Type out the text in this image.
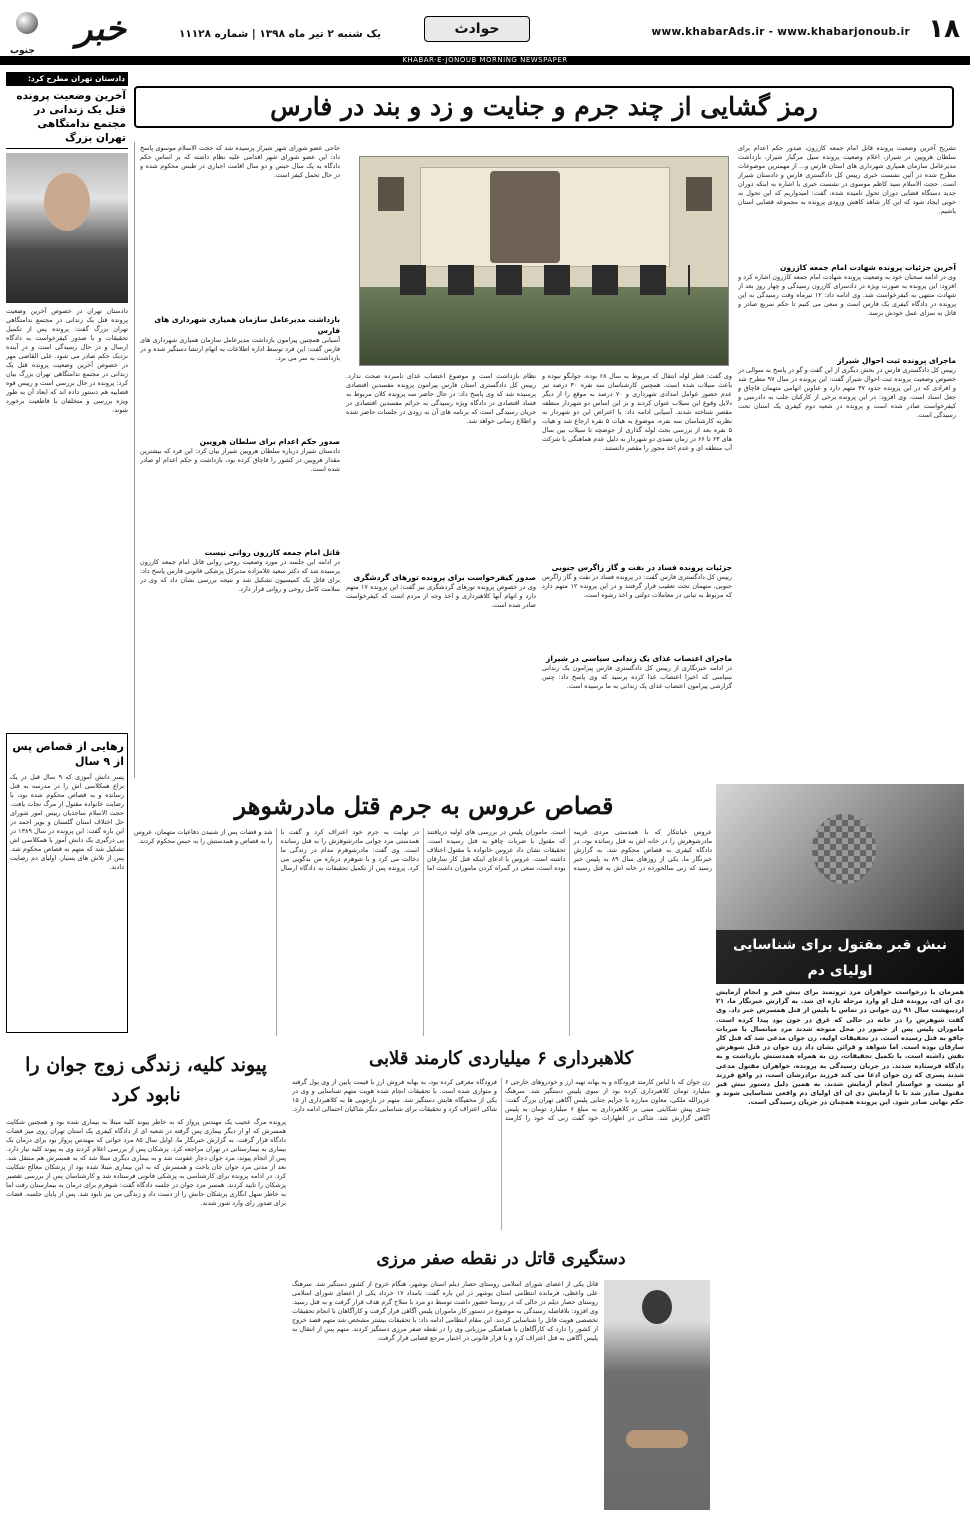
۱۸
www.khabarAds.ir - www.khabarjonoub.ir
حوادث
یک شنبه ۲ تیر ماه ۱۳۹۸ | شماره ۱۱۱۲۸
خبر
جنوب
KHABAR-E-JONOUB MORNING NEWSPAPER
دادستان تهران مطرح کرد:
آخرین وضعیت پرونده قتل یک زندانی در مجتمع ندامتگاهی تهران بزرگ
دادستان تهران در خصوص آخرین وضعیت پرونده قتل یک زندانی در مجتمع ندامتگاهی تهران بزرگ گفت: پرونده پس از تکمیل تحقیقات و با صدور کیفرخواست به دادگاه ارسال و در حال رسیدگی است و در آینده نزدیک حکم صادر می شود. علی القاصی مهر در خصوص آخرین وضعیت پرونده قتل یک زندانی در مجتمع ندامتگاهی تهران بزرگ بیان کرد: پرونده در حال بررسی است و رییس قوه قضاییه هم دستور داده اند که ابعاد آن به طور ویژه بررسی و متخلفان با قاطعیت برخورد شوند.
رهایی از قصاص پس از ۹ سال
پسر دانش آموزی که ۹ سال قبل در یک نزاع همکلاسی اش را در مدرسه به قتل رسانده و به قصاص محکوم شده بود، با رضایت خانواده مقتول از مرگ نجات یافت. حجت الاسلام ساجدیان رییس امور شورای حل اختلاف استان گلستان و بویر احمد در این باره گفت: این پرونده در سال ۱۳۸۹ در پی درگیری یک دانش آموز با همکلاسی اش تشکیل شد که متهم به قصاص محکوم شد. پس از تلاش های بسیار، اولیای دم رضایت دادند.
رمز گشایی از چند جرم و جنایت و زد و بند در فارس
تشریح آخرین وضعیت پرونده قاتل امام جمعه کازرون، صدور حکم اعدام برای سلطان هرویین در شیراز، اعلام وضعیت پرونده سیل مرگبار شیراز، بازداشت مدیرعامل سازمان همیاری شهرداری های استان فارس و... از مهمترین موضوعات مطرح شده در آئین نشست خبری رییس کل دادگستری فارس و دادستان شیراز است. حجت الاسلام سید کاظم موسوی در نشست خبری با اشاره به اینکه دوران جدید دستگاه قضایی دوران تحول نامیده شده، گفت: امیدواریم که این تحول به خوبی ایجاد شود که این کار شاهد کاهش ورودی پرونده به مجموعه قضایی استان باشیم.
آخرین جزئیات پرونده شهادت امام جمعه کازرون
وی در ادامه سخنان خود به وضعیت پرونده شهادت امام جمعه کازرون اشاره کرد و افزود: این پرونده به صورت ویژه در دادسرای کازرون رسیدگی و چهار روز بعد از شهادت منتهی به کیفرخواست شد. وی ادامه داد: ۱۲ تیرماه وقت رسیدگی به این پرونده در دادگاه کیفری یک فارس است و سعی می کنیم تا حکم سریع صادر و قاتل به سزای عمل خودش برسد.
ماجرای پرونده ثبت احوال شیراز
رییس کل دادگستری فارس در بخش دیگری از این گفت و گو در پاسخ به سوالی در خصوص وضعیت پرونده ثبت احوال شیراز گفت: این پرونده در سال ۹۷ مطرح شد و افرادی که در این پرونده حدود ۳۷ متهم دارد و عناوین اتهامی متهمان قاچاق و جعل اسناد است. وی افزود: در این پرونده برخی از کارکنان جلب به دادرسی و کیفرخواست صادر شده است و پرونده در شعبه دوم کیفری یک استان تحت رسیدگی است.
وی گفت: قطر لوله انتقال که مربوط به سال ۶۸ بوده، جوابگو نبوده و باعث سیلاب شده است. همچنین کارشناسان سه نفره ۳۰ درصد تیر عدم حضور عوامل امدادی شهرداری و ۷۰ درصد به موقع را از دیگر دلایل وقوع این سیلاب عنوان کردند و بر این اساس دو شهردار منطقه مقصر شناخته شدند. آسیابی ادامه داد: با اعتراض این دو شهردار به نظریه کارشناسان سه نفره، موضوع به هیات ۵ نفره ارجاع شد و هیات ۵ نفره بعد از بررسی بحث لوله گذاری از حوضچه تا سیلاب بین سال های ۶۳ تا ۶۶ در زمان تصدی دو شهردار به دلیل عدم هماهنگی با شرکت آب منطقه ای و عدم اخذ مجوز را مقصر دانستند.
جزئیات پرونده فساد در نفت و گاز زاگرس جنوبی
رییس کل دادگستری فارس گفت: در پرونده فساد در نفت و گاز زاگرس جنوبی، متهمان تحت تعقیب قرار گرفتند و در این پرونده ۱۲ متهم دارد که مربوط به تبانی در معاملات دولتی و اخذ رشوه است.
ماجرای اعتصاب غذای یک زندانی سیاسی در شیراز
در ادامه خبرنگاری از رییس کل دادگستری فارس پیرامون یک زندانی سیاسی که اخیرا اعتصاب غذا کرده پرسید که وی پاسخ داد: چنین گزارشی پیرامون اعتصاب غذای یک زندانی به ما نرسیده است.
نظام بازداشت است و موضوع اعتصاب غذای نامبرده صحت ندارد. رییس کل دادگستری استان فارس پیرامون پرونده مفسدین اقتصادی پرسیده شد که وی پاسخ داد: در حال حاضر سه پرونده کلان مربوط به فساد اقتصادی در دادگاه ویژه رسیدگی به جرائم مفسدین اقتصادی در جریان رسیدگی است که برنامه های آن به زودی در جلسات حاضر شده و اطلاع رسانی خواهد شد.
صدور کیفرخواست برای پرونده تورهای گردشگری
وی در خصوص پرونده تورهای گردشگری نیز گفت: این پرونده ۱۷ متهم دارد و اتهام آنها کلاهبرداری و اخذ وجه از مردم است که کیفرخواست صادر شده است.
حاجی عضو شورای شهر شیراز پرسیده شد که حجت الاسلام موسوی پاسخ داد: این عضو شورای شهر اقدامی علیه نظام داشته که بر اساس حکم دادگاه به یک سال حبس و دو سال اقامت اجباری در طبس محکوم شده و در حال تحمل کیفر است.
بازداشت مدیرعامل سازمان همیاری شهرداری های فارس
آسیابی همچنین پیرامون بازداشت مدیرعامل سازمان همیاری شهرداری های فارس گفت: این فرد توسط اداره اطلاعات به اتهام ارتشا دستگیر شده و در بازداشت به سر می برد.
صدور حکم اعدام برای سلطان هرویین
دادستان شیراز درباره سلطان هرویین شیراز بیان کرد: این فرد که بیشترین مقدار هرویین در کشور را قاچاق کرده بود، بازداشت و حکم اعدام او صادر شده است.
قاتل امام جمعه کازرون روانی نیست
در ادامه این جلسه در مورد وضعیت روحی روانی قاتل امام جمعه کازرون پرسیده شد که دکتر سعید غلامزاده مدیرکل پزشکی قانونی فارس پاسخ داد: برای قاتل یک کمیسیون تشکیل شد و نتیجه بررسی نشان داد که وی در سلامت کامل روحی و روانی قرار دارد.
قصاص عروس به جرم قتل مادرشوهر
عروس خیانتکار که با همدستی مردی غریبه مادرشوهرش را در خانه اش به قتل رسانده بود، در دادگاه کیفری به قصاص محکوم شد. به گزارش خبرنگار ما، یکی از روزهای سال ۸۹ به پلیس خبر رسید که زنی سالخورده در خانه اش به قتل رسیده است. ماموران پلیس در بررسی های اولیه دریافتند که مقتول با ضربات چاقو به قتل رسیده است. تحقیقات نشان داد عروس خانواده با مقتول اختلاف داشته است. عروس با ادعای اینکه قتل کار سارقان بوده است، سعی در گمراه کردن ماموران داشت اما در نهایت به جرم خود اعتراف کرد و گفت با همدستی مرد جوانی مادرشوهرش را به قتل رسانده است. وی گفت: مادرشوهرم مدام در زندگی ما دخالت می کرد و با شوهرم درباره من بدگویی می کرد. پرونده پس از تکمیل تحقیقات به دادگاه ارسال شد و قضات پس از شنیدن دفاعیات متهمان، عروس را به قصاص و همدستش را به حبس محکوم کردند.
نبش قبر مقتول برای شناسایی اولیای دم
همزمان با درخواست خواهران مرد ثروتمند برای نبش قبر و انجام آزمایش دی ان ای، پرونده قتل او وارد مرحله تازه ای شد. به گزارش خبرنگار ما، ۲۱ اردیبهشت سال ۹۱ زن جوانی در تماس با پلیس از قتل همسرش خبر داد. وی گفت شوهرش را در خانه در حالی که غرق در خون بود پیدا کرده است. ماموران پلیس پس از حضور در محل متوجه شدند مرد میانسال با ضربات چاقو به قتل رسیده است. در تحقیقات اولیه، زن جوان مدعی شد که قتل کار سارقان بوده است. اما شواهد و قرائن نشان داد زن جوان در قتل شوهرش نقش داشته است. با تکمیل تحقیقات، زن به همراه همدستش بازداشت و به دادگاه فرستاده شدند. در جریان رسیدگی به پرونده، خواهران مقتول مدعی شدند پسری که زن جوان ادعا می کند فرزند برادرشان است، در واقع فرزند او نیست و خواستار انجام آزمایش شدند. به همین دلیل دستور نبش قبر مقتول صادر شد تا با آزمایش دی ان ای اولیای دم واقعی شناسایی شوند و حکم نهایی صادر شود. این پرونده همچنان در جریان رسیدگی است.
پیوند کلیه، زندگی زوج جوان را نابود کرد
پرونده مرگ عجیب یک مهندس پرواز که به خاطر پیوند کلیه مبتلا به بیماری شده بود و همچنین شکایت همسرش که او از دیگر بیماری پس گرفته در شعبه ای از دادگاه کیفری یک استان تهران روی میز قضات دادگاه قرار گرفت. به گزارش خبرنگار ما، اوایل سال ۸۵ مرد جوانی که مهندس پرواز بود برای درمان یک بیماری به بیمارستانی در تهران مراجعه کرد. پزشکان پس از بررسی اعلام کردند وی به پیوند کلیه نیاز دارد. پس از انجام پیوند، مرد جوان دچار عفونت شد و به بیماری دیگری مبتلا شد که به همسرش هم منتقل شد. بعد از مدتی مرد جوان جان باخت و همسرش که به این بیماری مبتلا شده بود از پزشکان معالج شکایت کرد. در ادامه پرونده برای کارشناسی به پزشکی قانونی فرستاده شد و کارشناسان پس از بررسی تقصیر پزشکان را تایید کردند. همسر مرد جوان در جلسه دادگاه گفت: شوهرم برای درمان به بیمارستان رفت اما به خاطر سهل انگاری پزشکان جانش را از دست داد و زندگی من نیز نابود شد. پس از پایان جلسه، قضات برای صدور رای وارد شور شدند.
کلاهبرداری ۶ میلیاردی کارمند قلابی
زن جوان که با لباس کارمند فرودگاه و به بهانه تهیه ارز و خودروهای خارجی ۶ میلیارد تومان کلاهبرداری کرده بود از سوی پلیس دستگیر شد. سرهنگ عزیزالله ملکی، معاون مبارزه با جرایم جنایی پلیس آگاهی تهران بزرگ گفت: چندی پیش شکایتی مبنی بر کلاهبرداری به مبلغ ۶ میلیارد تومان به پلیس آگاهی گزارش شد. شاکی در اظهارات خود گفت زنی که خود را کارمند فرودگاه معرفی کرده بود، به بهانه فروش ارز با قیمت پایین از وی پول گرفته و متواری شده است. با تحقیقات انجام شده هویت متهم شناسایی و وی در یکی از مخفیگاه هایش دستگیر شد. متهم در بازجویی ها به کلاهبرداری از ۱۵ شاکی اعتراف کرد و تحقیقات برای شناسایی دیگر شاکیان احتمالی ادامه دارد.
دستگیری قاتل در نقطه صفر مرزی
قاتل یکی از اعضای شورای اسلامی روستای حصار دیلم استان بوشهر، هنگام خروج از کشور دستگیر شد. سرهنگ علی واعظی، فرمانده انتظامی استان بوشهر در این باره گفت: بامداد ۱۷ خرداد یکی از اعضای شورای اسلامی روستای حصار دیلم در حالی که در روستا حضور داشت توسط دو مرد با سلاح گرم هدف قرار گرفت و به قتل رسید. وی افزود: بلافاصله رسیدگی به موضوع در دستور کار ماموران پلیس آگاهی قرار گرفت و کارآگاهان با انجام تحقیقات تخصصی هویت قاتل را شناسایی کردند. این مقام انتظامی ادامه داد: با تحقیقات بیشتر مشخص شد متهم قصد خروج از کشور را دارد که کارآگاهان با هماهنگی مرزبانی وی را در نقطه صفر مرزی دستگیر کردند. متهم پس از انتقال به پلیس آگاهی به قتل اعتراف کرد و با قرار قانونی در اختیار مرجع قضایی قرار گرفت.
